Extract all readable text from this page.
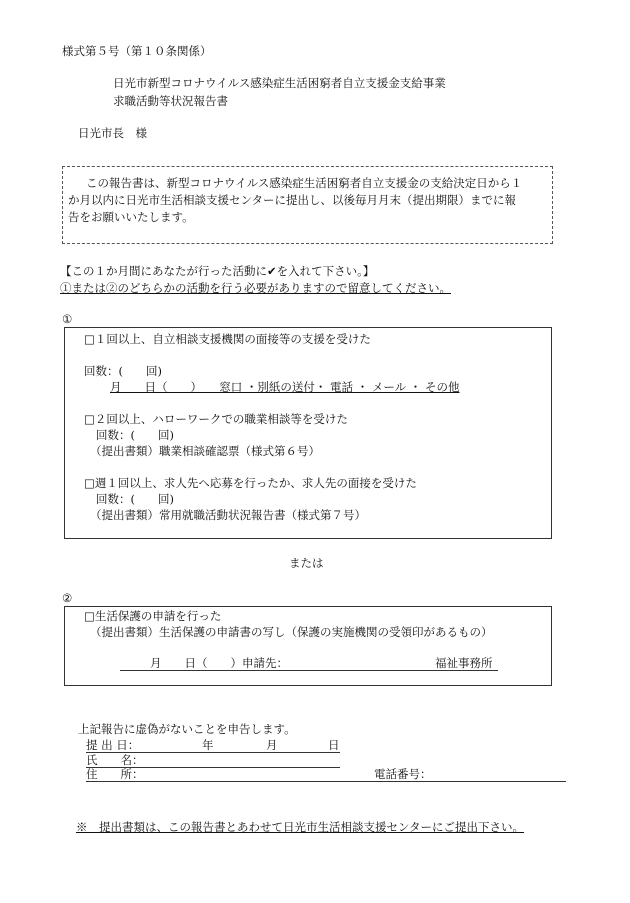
様式第５号（第１０条関係）
日光市新型コロナウイルス感染症生活困窮者自立支援金支給事業
求職活動等状況報告書
日光市長　様
この報告書は、新型コロナウイルス感染症生活困窮者自立支援金の支給決定日から１
か月以内に日光市生活相談支援センターに提出し、以後毎月月末（提出期限）までに報
告をお願いいたします。
【この１か月間にあなたが行った活動に✔を入れて下さい。】
①または②のどちらかの活動を行う必要がありますので留意してください。
①
□１回以上、自立相談支援機関の面接等の支援を受けた
回数：(　　回)
月　　日（　　）　　窓口 ・別紙の送付・ 電話 ・ メール ・ その他
□２回以上、ハローワークでの職業相談等を受けた
回数：(　　回)
（提出書類）職業相談確認票（様式第６号）
□週１回以上、求人先へ応募を行ったか、求人先の面接を受けた
回数：(　　回)
（提出書類）常用就職活動状況報告書（様式第７号）
または
②
□生活保護の申請を行った
（提出書類）生活保護の申請書の写し（保護の実施機関の受領印があるもの）
月　　日（　　）申請先：	福祉事務所
上記報告に虚偽がないことを申告します。
提 出 日：	年	月	日
氏　　名：
住　　所：	電話番号：
※　提出書類は、この報告書とあわせて日光市生活相談支援センターにご提出下さい。
